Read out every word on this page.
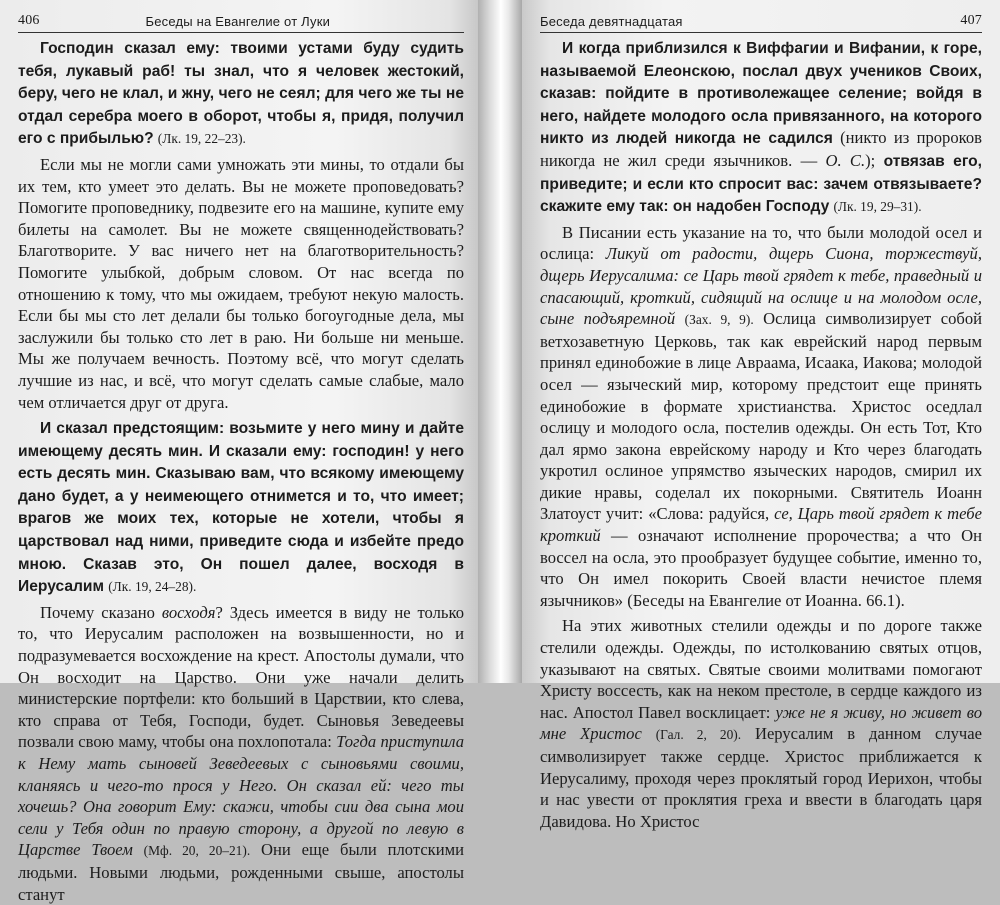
406	Беседы на Евангелие от Луки

Господин сказал ему: твоими устами буду судить тебя, лукавый раб! ты знал, что я человек жестокий, беру, чего не клал, и жну, чего не сеял; для чего же ты не отдал серебра моего в оборот, чтобы я, придя, получил его с прибылью? (Лк. 19, 22–23).

Если мы не могли сами умножать эти мины, то отдали бы их тем, кто умеет это делать. Вы не можете проповедовать? Помогите проповеднику, подвезите его на машине, купите ему билеты на самолет. Вы не можете священнодействовать? Благотворите. У вас ничего нет на благотворительность? Помогите улыбкой, добрым словом. От нас всегда по отношению к тому, что мы ожидаем, требуют некую малость. Если бы мы сто лет делали бы только богоугодные дела, мы заслужили бы только сто лет в раю. Ни больше ни меньше. Мы же получаем вечность. Поэтому всё, что могут сделать лучшие из нас, и всё, что могут сделать самые слабые, мало чем отличается друг от друга.

И сказал предстоящим: возьмите у него мину и дайте имеющему десять мин. И сказали ему: господин! у него есть десять мин. Сказываю вам, что всякому имеющему дано будет, а у неимеющего отнимется и то, что имеет; врагов же моих тех, которые не хотели, чтобы я царствовал над ними, приведите сюда и избейте предо мною. Сказав это, Он пошел далее, восходя в Иерусалим (Лк. 19, 24–28).

Почему сказано восходя? Здесь имеется в виду не только то, что Иерусалим расположен на возвышенности, но и подразумевается восхождение на крест. Апостолы думали, что Он восходит на Царство. Они уже начали делить министерские портфели: кто больший в Царствии, кто слева, кто справа от Тебя, Господи, будет. Сыновья Зеведеевы позвали свою маму, чтобы она похлопотала: Тогда приступила к Нему мать сыновей Зеведеевых с сыновьями своими, кланяясь и чего-то прося у Него. Он сказал ей: чего ты хочешь? Она говорит Ему: скажи, чтобы сии два сына мои сели у Тебя один по правую сторону, а другой по левую в Царстве Твоем (Мф. 20, 20–21). Они еще были плотскими людьми. Новыми людьми, рожденными свыше, апостолы станут

Беседа девятнадцатая	407

И когда приблизился к Виффагии и Вифании, к горе, называемой Елеонскою, послал двух учеников Своих, сказав: пойдите в противолежащее селение; войдя в него, найдете молодого осла привязанного, на которого никто из людей никогда не садился (никто из пророков никогда не жил среди язычников. — О. С.); отвязав его, приведите; и если кто спросит вас: зачем отвязываете? скажите ему так: он надобен Господу (Лк. 19, 29–31).

В Писании есть указание на то, что были молодой осел и ослица: Ликуй от радости, дщерь Сиона, торжествуй, дщерь Иерусалима: се Царь твой грядет к тебе, праведный и спасающий, кроткий, сидящий на ослице и на молодом осле, сыне подъяремной (Зах. 9, 9). Ослица символизирует собой ветхозаветную Церковь, так как еврейский народ первым принял единобожие в лице Авраама, Исаака, Иакова; молодой осел — языческий мир, которому предстоит еще принять единобожие в формате христианства. Христос оседлал ослицу и молодого осла, постелив одежды. Он есть Тот, Кто дал ярмо закона еврейскому народу и Кто через благодать укротил ослиное упрямство языческих народов, смирил их дикие нравы, соделал их покорными. Святитель Иоанн Златоуст учит: «Слова: радуйся, се, Царь твой грядет к тебе кроткий — означают исполнение пророчества; а что Он воссел на осла, это прообразует будущее событие, именно то, что Он имел покорить Своей власти нечистое племя язычников» (Беседы на Евангелие от Иоанна. 66.1).

На этих животных стелили одежды и по дороге также стелили одежды. Одежды, по истолкованию святых отцов, указывают на святых. Святые своими молитвами помогают Христу воссесть, как на неком престоле, в сердце каждого из нас. Апостол Павел восклицает: уже не я живу, но живет во мне Христос (Гал. 2, 20). Иерусалим в данном случае символизирует также сердце. Христос приближается к Иерусалиму, проходя через проклятый город Иерихон, чтобы и нас увести от проклятия греха и ввести в благодать царя Давидова. Но Христос
